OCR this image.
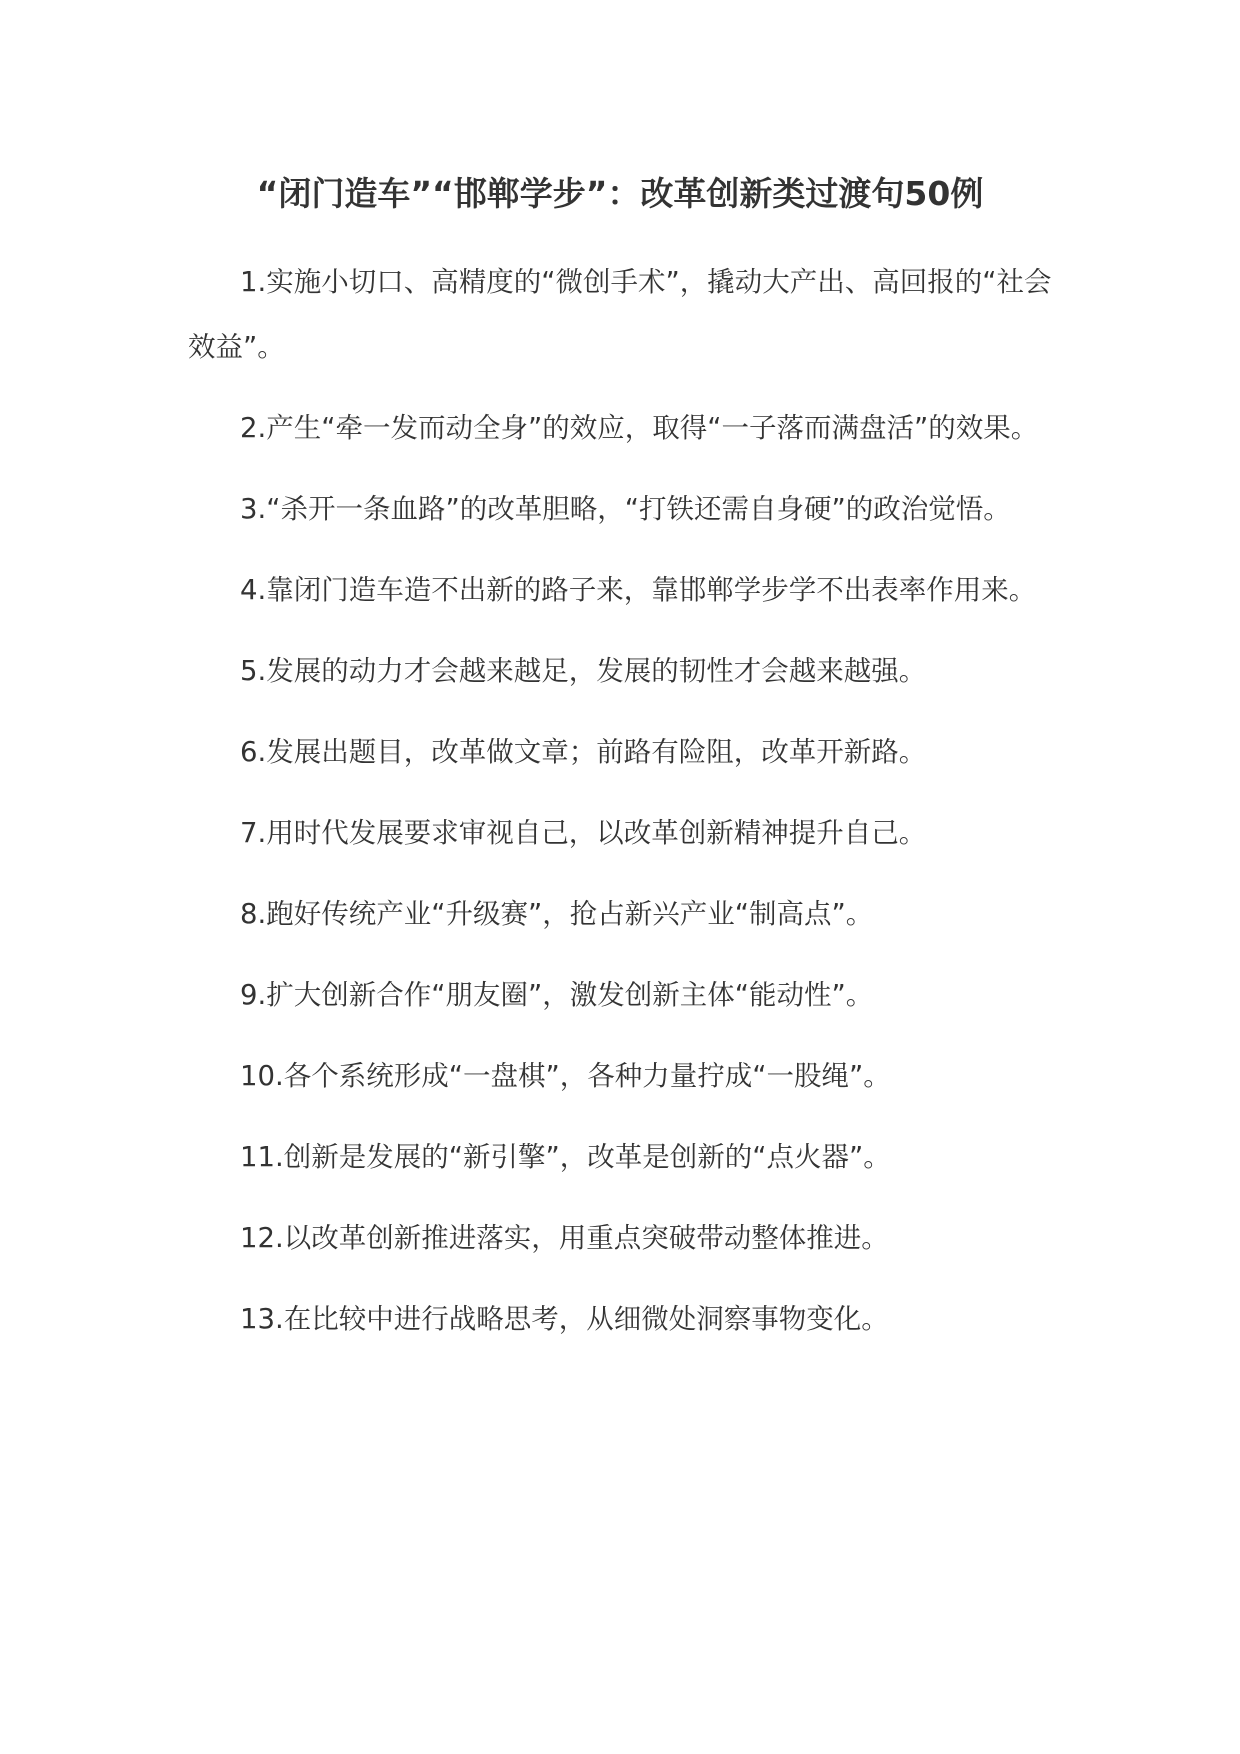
“闭门造车”“邯郸学步”：改革创新类过渡句50例

1.实施小切口、高精度的“微创手术”，撬动大产出、高回报的“社会效益”。

2.产生“牵一发而动全身”的效应，取得“一子落而满盘活”的效果。

3.“杀开一条血路”的改革胆略，“打铁还需自身硬”的政治觉悟。

4.靠闭门造车造不出新的路子来，靠邯郸学步学不出表率作用来。

5.发展的动力才会越来越足，发展的韧性才会越来越强。

6.发展出题目，改革做文章；前路有险阻，改革开新路。

7.用时代发展要求审视自己，以改革创新精神提升自己。

8.跑好传统产业“升级赛”，抢占新兴产业“制高点”。

9.扩大创新合作“朋友圈”，激发创新主体“能动性”。

10.各个系统形成“一盘棋”，各种力量拧成“一股绳”。

11.创新是发展的“新引擎”，改革是创新的“点火器”。

12.以改革创新推进落实，用重点突破带动整体推进。

13.在比较中进行战略思考，从细微处洞察事物变化。
